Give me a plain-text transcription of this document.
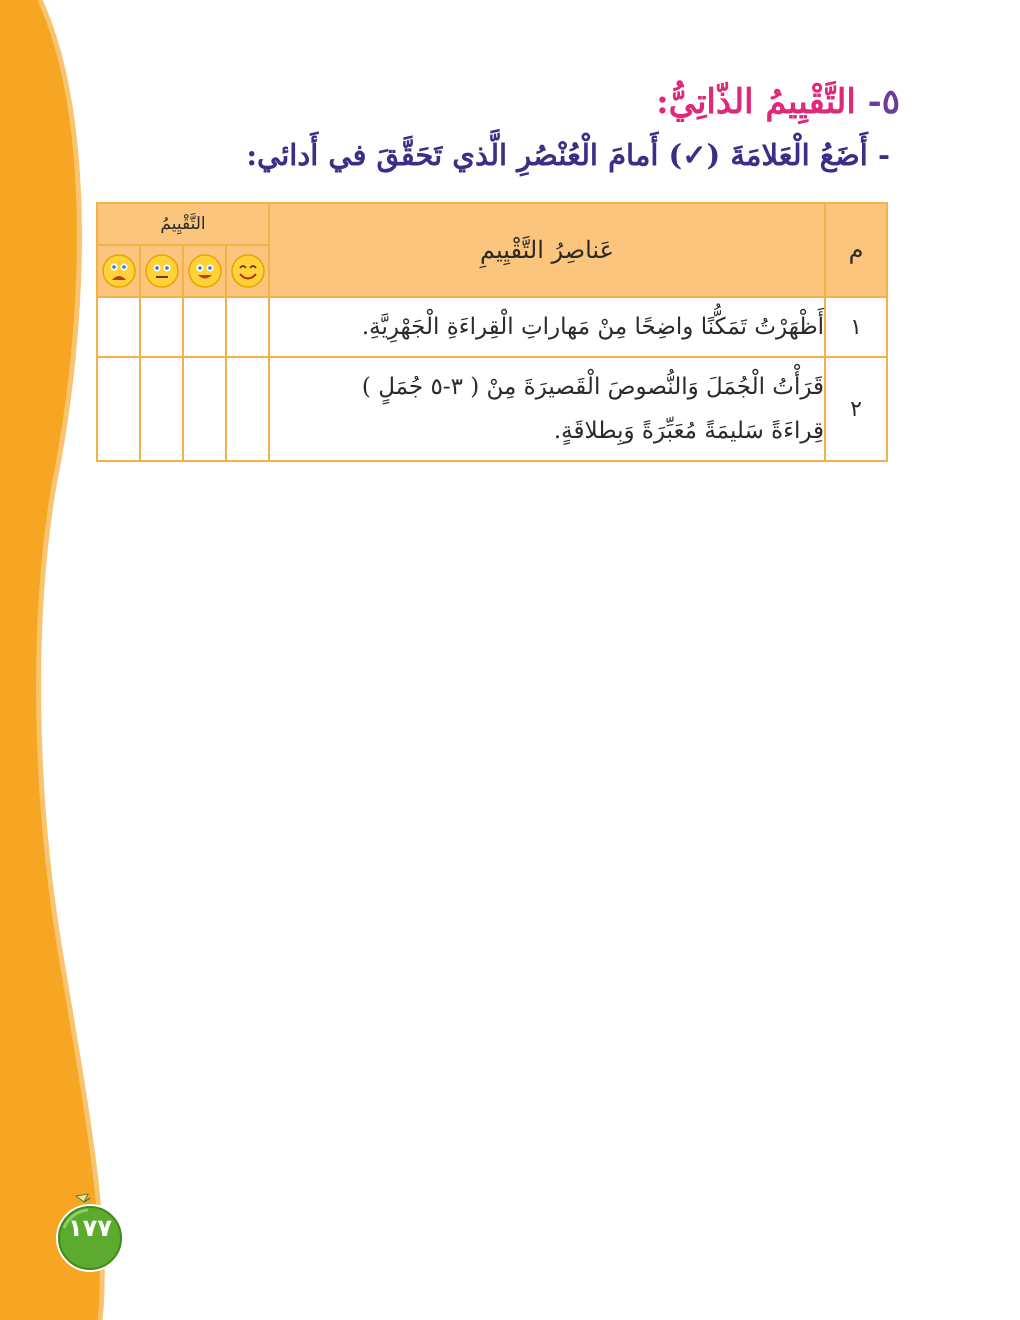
٥- التَّقْيِيمُ الذّاتِيُّ:
- أَضَعُ الْعَلامَةَ (✓) أَمامَ الْعُنْصُرِ الَّذي تَحَقَّقَ في أَدائي:
م	عَناصِرُ التَّقْيِيمِ	التَّقْيِيمُ			

١	أَظْهَرْتُ تَمَكُّنًا واضِحًا مِنْ مَهاراتِ الْقِراءَةِ الْجَهْرِيَّةِ.				

٢	قَرَأْتُ الْجُمَلَ وَالنُّصوصَ الْقَصيرَةَ مِنْ ( ٣-٥ جُمَلٍ )
قِراءَةً سَليمَةً مُعَبِّرَةً وَبِطلاقَةٍ.				

١٧٧
